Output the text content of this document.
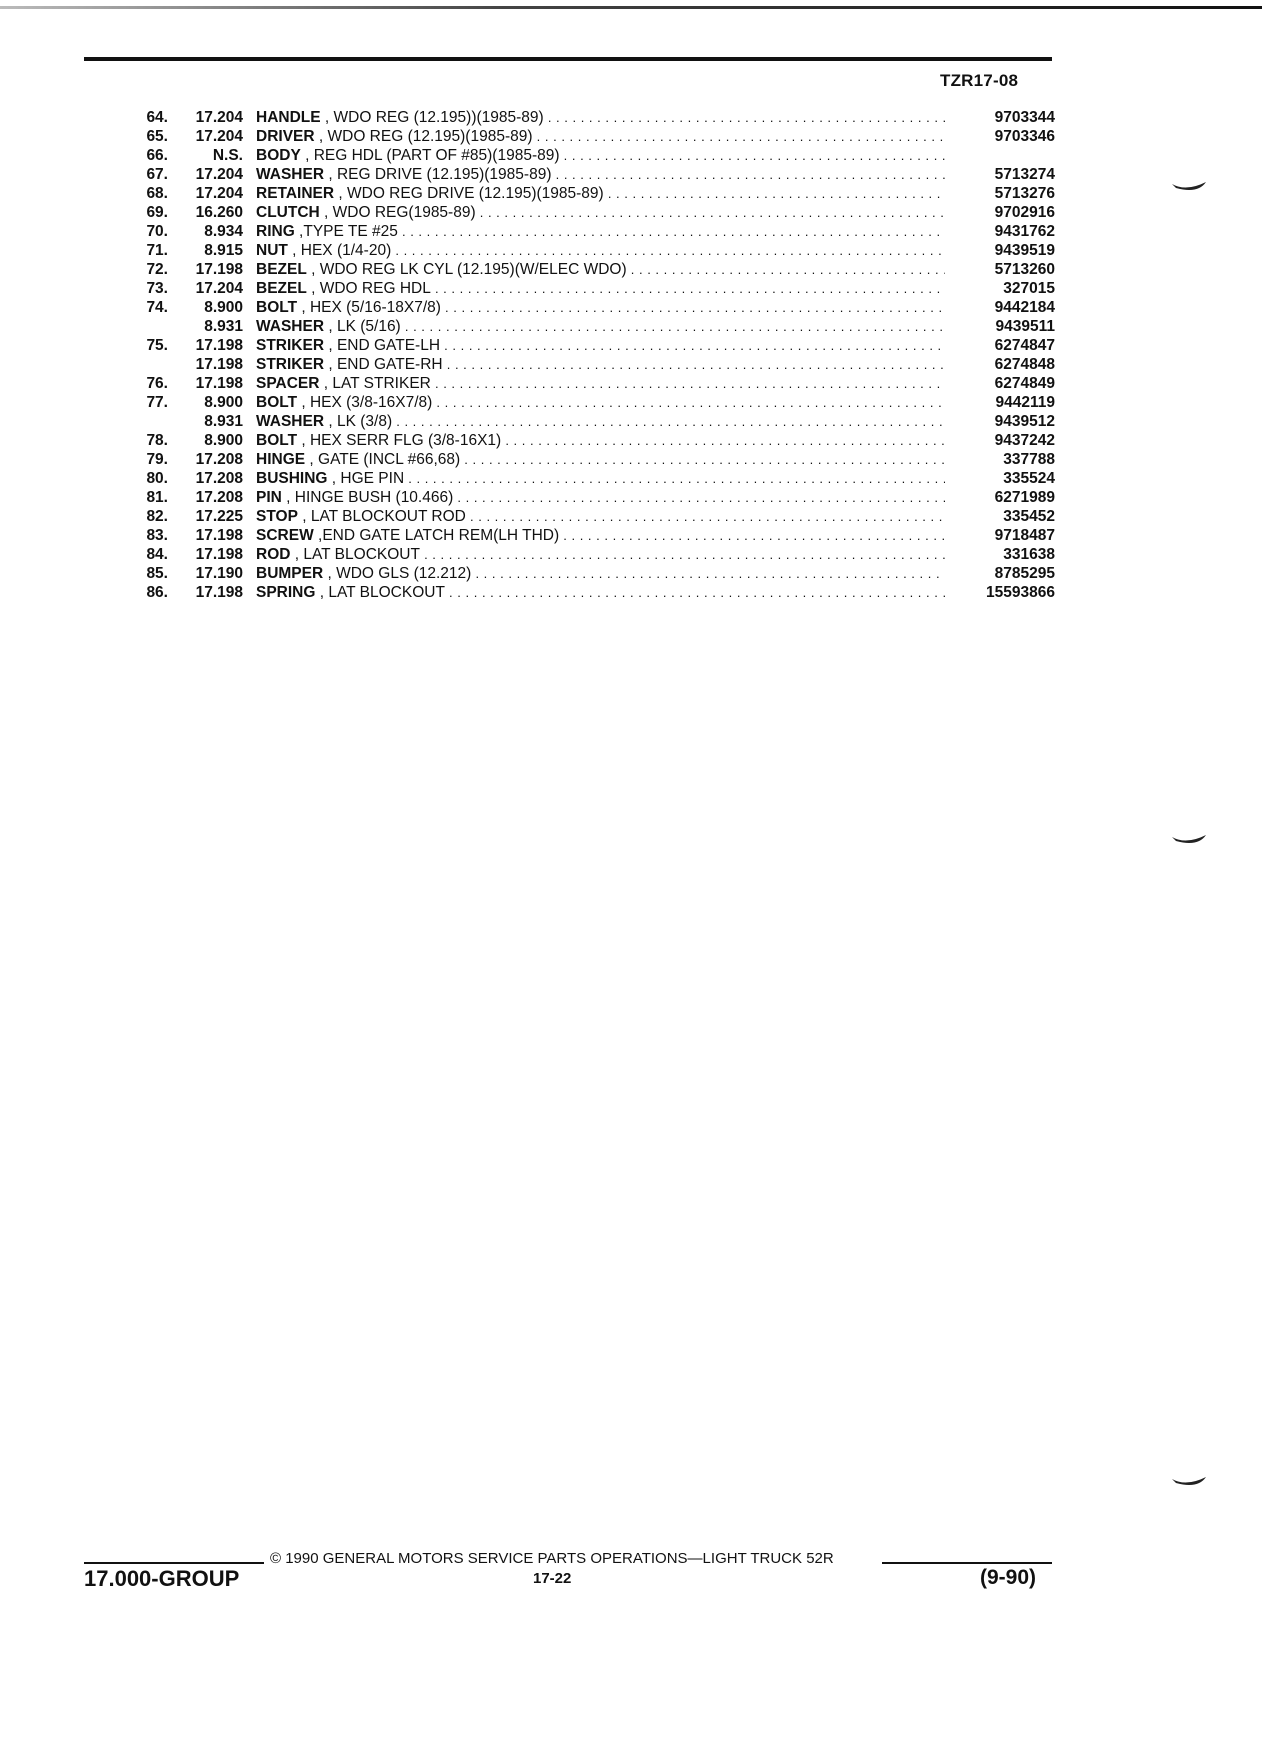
TZR17-08
64.	17.204 HANDLE , WDO REG (12.195))(1985-89) . . .	9703344
65.	17.204 DRIVER , WDO REG (12.195)(1985-89) . . .	9703346
66.	N.S. BODY , REG HDL (PART OF #85)(1985-89) . . .
67.	17.204 WASHER , REG DRIVE (12.195)(1985-89) . . .	5713274
68.	17.204 RETAINER , WDO REG DRIVE (12.195)(1985-89) . . .	5713276
69.	16.260 CLUTCH , WDO REG(1985-89) . . .	9702916
70.	8.934 RING ,TYPE TE #25 . . .	9431762
71.	8.915 NUT , HEX (1/4-20) . . .	9439519
72.	17.198 BEZEL , WDO REG LK CYL (12.195)(W/ELEC WDO) . . .	5713260
73.	17.204 BEZEL , WDO REG HDL . . .	327015
74.	8.900 BOLT , HEX (5/16-18X7/8) . . .	9442184
8.931 WASHER , LK (5/16) . . .	9439511
75.	17.198 STRIKER , END GATE-LH . . .	6274847
17.198 STRIKER , END GATE-RH . . .	6274848
76.	17.198 SPACER , LAT STRIKER . . .	6274849
77.	8.900 BOLT , HEX (3/8-16X7/8) . . .	9442119
8.931 WASHER , LK (3/8) . . .	9439512
78.	8.900 BOLT , HEX SERR FLG (3/8-16X1) . . .	9437242
79.	17.208 HINGE , GATE (INCL #66,68) . . .	337788
80.	17.208 BUSHING , HGE PIN . . .	335524
81.	17.208 PIN , HINGE BUSH (10.466) . . .	6271989
82.	17.225 STOP , LAT BLOCKOUT ROD . . .	335452
83.	17.198 SCREW ,END GATE LATCH REM(LH THD) . . .	9718487
84.	17.198 ROD , LAT BLOCKOUT . . .	331638
85.	17.190 BUMPER , WDO GLS (12.212) . . .	8785295
86.	17.198 SPRING , LAT BLOCKOUT . . .	15593866
© 1990 GENERAL MOTORS SERVICE PARTS OPERATIONS—LIGHT TRUCK 52R
17.000-GROUP	17-22	(9-90)
